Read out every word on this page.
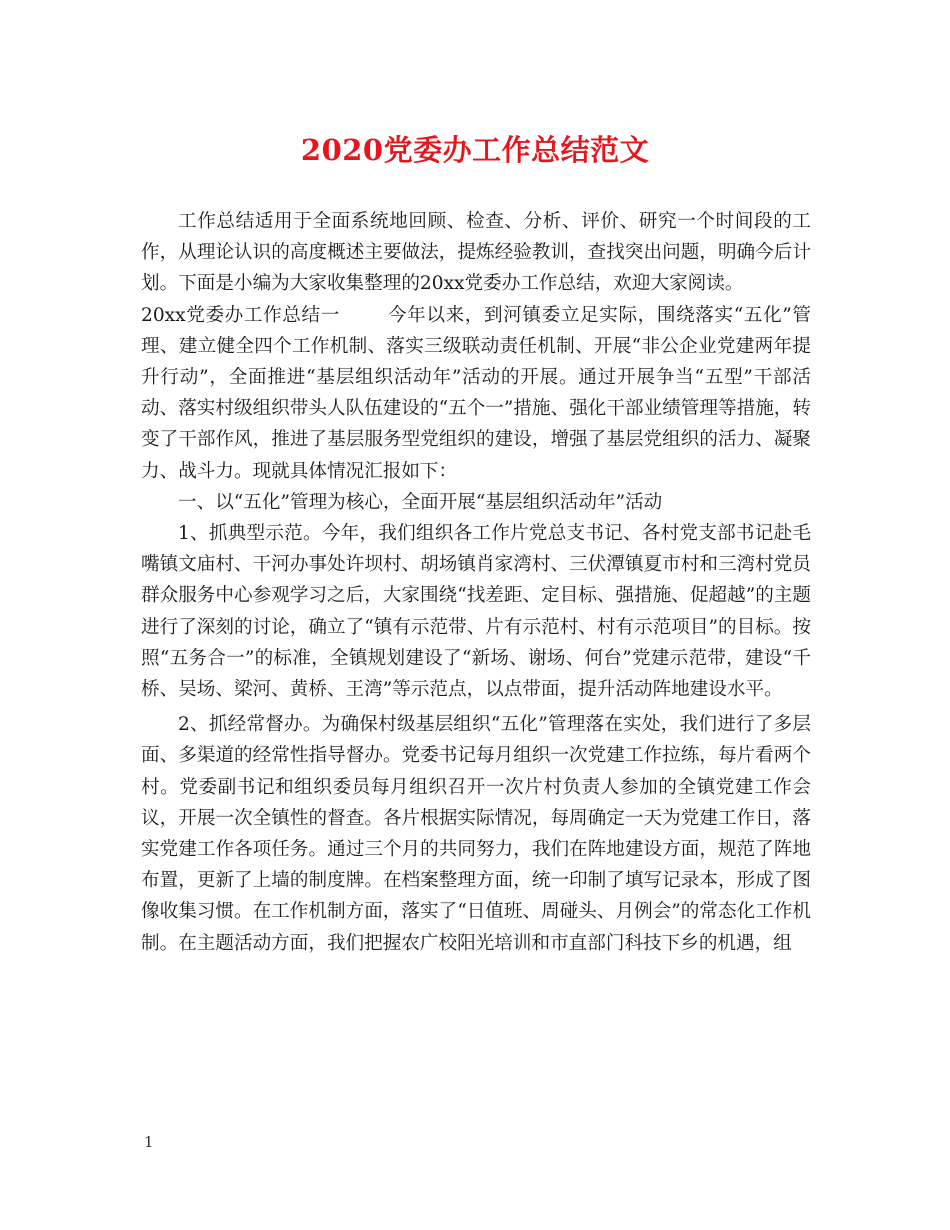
2020党委办工作总结范文

工作总结适用于全面系统地回顾、检查、分析、评价、研究一个时间段的工作，从理论认识的高度概述主要做法，提炼经验教训，查找突出问题，明确今后计划。下面是小编为大家收集整理的20xx党委办工作总结，欢迎大家阅读。

20xx党委办工作总结一	今年以来，到河镇委立足实际，围绕落实“五化”管理、建立健全四个工作机制、落实三级联动责任机制、开展“非公企业党建两年提升行动”，全面推进“基层组织活动年”活动的开展。通过开展争当“五型”干部活动、落实村级组织带头人队伍建设的“五个一”措施、强化干部业绩管理等措施，转变了干部作风，推进了基层服务型党组织的建设，增强了基层党组织的活力、凝聚力、战斗力。现就具体情况汇报如下：

一、以“五化”管理为核心，全面开展“基层组织活动年”活动

1、抓典型示范。今年，我们组织各工作片党总支书记、各村党支部书记赴毛嘴镇文庙村、干河办事处许坝村、胡场镇肖家湾村、三伏潭镇夏市村和三湾村党员群众服务中心参观学习之后，大家围绕“找差距、定目标、强措施、促超越”的主题进行了深刻的讨论，确立了“镇有示范带、片有示范村、村有示范项目”的目标。按照“五务合一”的标准，全镇规划建设了“新场、谢场、何台”党建示范带，建设“千桥、吴场、梁河、黄桥、王湾”等示范点，以点带面，提升活动阵地建设水平。

2、抓经常督办。为确保村级基层组织“五化”管理落在实处，我们进行了多层面、多渠道的经常性指导督办。党委书记每月组织一次党建工作拉练，每片看两个村。党委副书记和组织委员每月组织召开一次片村负责人参加的全镇党建工作会议，开展一次全镇性的督查。各片根据实际情况，每周确定一天为党建工作日，落实党建工作各项任务。通过三个月的共同努力，我们在阵地建设方面，规范了阵地布置，更新了上墙的制度牌。在档案整理方面，统一印制了填写记录本，形成了图像收集习惯。在工作机制方面，落实了“日值班、周碰头、月例会”的常态化工作机制。在主题活动方面，我们把握农广校阳光培训和市直部门科技下乡的机遇，组

1
